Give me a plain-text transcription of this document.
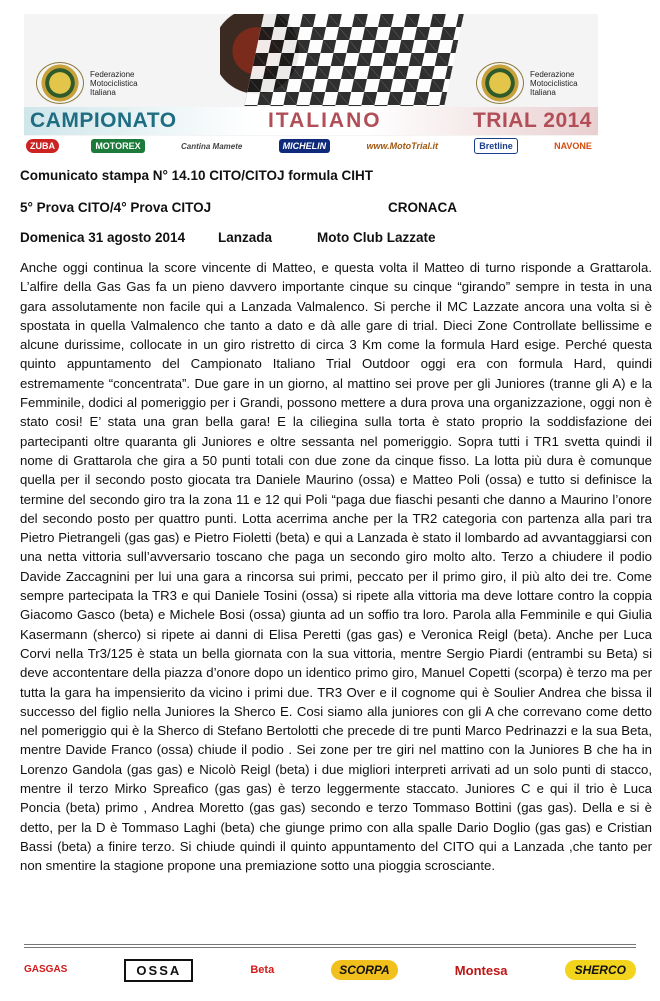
Federazione Motociclistica Italiana
Federazione Motociclistica Italiana
CAMPIONATO	ITALIANO	TRIAL 2014
ZUBA	MOTOREX	Cantina Mamete	MICHELIN	www.MotoTrial.it	Bretline	NAVONE

Comunicato stampa N° 14.10 CITO/CITOJ formula CIHT

5° Prova CITO/4° Prova CITOJ	CRONACA

Domenica 31 agosto 2014 Lanzada	Moto Club Lazzate

Anche oggi continua la score vincente di Matteo, e questa volta il Matteo di turno risponde a Grattarola. L’alfire della Gas Gas fa un pieno davvero importante cinque su cinque “girando” sempre in testa in una gara assolutamente non facile qui a Lanzada Valmalenco. Si perche il MC Lazzate ancora una volta si è spostata in quella Valmalenco che tanto a dato e dà alle gare di trial. Dieci Zone Controllate bellissime e alcune durissime, collocate in un giro ristretto di circa 3 Km come la formula Hard esige. Perché questa quinto appuntamento del Campionato Italiano Trial Outdoor oggi era con formula Hard, quindi estremamente “concentrata”. Due gare in un giorno, al mattino sei prove per gli Juniores (tranne gli A) e la Femminile, dodici al pomeriggio per i Grandi, possono mettere a dura prova una organizzazione, oggi non è stato cosi! E’ stata una gran bella gara! E la ciliegina sulla torta è stato proprio la soddisfazione dei partecipanti oltre quaranta gli Juniores e oltre sessanta nel pomeriggio. Sopra tutti i TR1 svetta quindi il nome di Grattarola che gira a 50 punti totali con due zone da cinque fisso. La lotta più dura è comunque quella per il secondo posto giocata tra Daniele Maurino (ossa) e Matteo Poli (ossa) e tutto si definisce la termine del secondo giro tra la zona 11 e 12 qui Poli “paga due fiaschi pesanti che danno a Maurino l’onore del secondo posto per quattro punti. Lotta acerrima anche per la TR2 categoria con partenza alla pari tra Pietro Pietrangeli (gas gas) e Pietro Fioletti (beta) e qui a Lanzada è stato il lombardo ad avvantaggiarsi con una netta vittoria sull’avversario toscano che paga un secondo giro molto alto. Terzo a chiudere il podio Davide Zaccagnini per lui una gara a rincorsa sui primi, peccato per il primo giro, il più alto dei tre. Come sempre partecipata la TR3 e qui Daniele Tosini (ossa) si ripete alla vittoria ma deve lottare contro la coppia Giacomo Gasco (beta) e Michele Bosi (ossa) giunta ad un soffio tra loro. Parola alla Femminile e qui Giulia Kasermann (sherco) si ripete ai danni di Elisa Peretti (gas gas) e Veronica Reigl (beta). Anche per Luca Corvi nella Tr3/125 è stata un bella giornata con la sua vittoria, mentre Sergio Piardi (entrambi su Beta) si deve accontentare della piazza d’onore dopo un identico primo giro, Manuel Copetti (scorpa) è terzo ma per tutta la gara ha impensierito da vicino i primi due. TR3 Over e il cognome qui è Soulier Andrea che bissa il successo del figlio nella Juniores la Sherco E. Cosi siamo alla juniores con gli A che correvano come detto nel pomeriggio qui è la Sherco di Stefano Bertolotti che precede di tre punti Marco Pedrinazzi e la sua Beta, mentre Davide Franco (ossa) chiude il podio . Sei zone per tre giri nel mattino con la Juniores B che ha in Lorenzo Gandola (gas gas) e Nicolò Reigl (beta) i due migliori interpreti arrivati ad un solo punti di stacco, mentre il terzo Mirko Spreafico (gas gas) è terzo leggermente staccato. Juniores C e qui il trio è Luca Poncia (beta) primo , Andrea Moretto (gas gas) secondo e terzo Tommaso Bottini (gas gas). Della e si è detto, per la D è Tommaso Laghi (beta) che giunge primo con alla spalle Dario Doglio (gas gas) e Cristian Bassi (beta) a finire terzo. Si chiude quindi il quinto appuntamento del CITO qui a Lanzada ,che tanto per non smentire la stagione propone una premiazione sotto una pioggia scrosciante.

GASGAS	OSSA	Beta	SCORPA	Montesa	SHERCO
